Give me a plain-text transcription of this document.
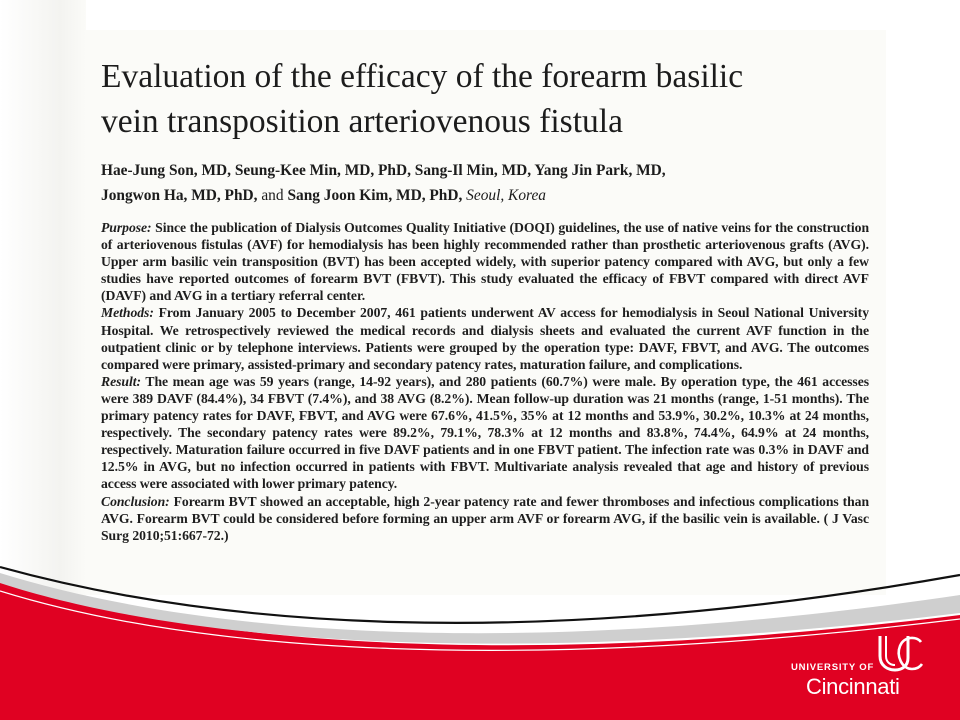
Evaluation of the efficacy of the forearm basilic
vein transposition arteriovenous fistula
Hae-Jung Son, MD, Seung-Kee Min, MD, PhD, Sang-Il Min, MD, Yang Jin Park, MD,
Jongwon Ha, MD, PhD, and Sang Joon Kim, MD, PhD, Seoul, Korea

Purpose: Since the publication of Dialysis Outcomes Quality Initiative (DOQI) guidelines, the use of native veins for the construction of arteriovenous fistulas (AVF) for hemodialysis has been highly recommended rather than prosthetic arteriovenous grafts (AVG). Upper arm basilic vein transposition (BVT) has been accepted widely, with superior patency compared with AVG, but only a few studies have reported outcomes of forearm BVT (FBVT). This study evaluated the efficacy of FBVT compared with direct AVF (DAVF) and AVG in a tertiary referral center.

Methods: From January 2005 to December 2007, 461 patients underwent AV access for hemodialysis in Seoul National University Hospital. We retrospectively reviewed the medical records and dialysis sheets and evaluated the current AVF function in the outpatient clinic or by telephone interviews. Patients were grouped by the operation type: DAVF, FBVT, and AVG. The outcomes compared were primary, assisted-primary and secondary patency rates, maturation failure, and complications.

Result: The mean age was 59 years (range, 14-92 years), and 280 patients (60.7%) were male. By operation type, the 461 accesses were 389 DAVF (84.4%), 34 FBVT (7.4%), and 38 AVG (8.2%). Mean follow-up duration was 21 months (range, 1-51 months). The primary patency rates for DAVF, FBVT, and AVG were 67.6%, 41.5%, 35% at 12 months and 53.9%, 30.2%, 10.3% at 24 months, respectively. The secondary patency rates were 89.2%, 79.1%, 78.3% at 12 months and 83.8%, 74.4%, 64.9% at 24 months, respectively. Maturation failure occurred in five DAVF patients and in one FBVT patient. The infection rate was 0.3% in DAVF and 12.5% in AVG, but no infection occurred in patients with FBVT. Multivariate analysis revealed that age and history of previous access were associated with lower primary patency.

Conclusion: Forearm BVT showed an acceptable, high 2-year patency rate and fewer thromboses and infectious complications than AVG. Forearm BVT could be considered before forming an upper arm AVF or forearm AVG, if the basilic vein is available. ( J Vasc Surg 2010;51:667-72.)

UNIVERSITY OF
Cincinnati
